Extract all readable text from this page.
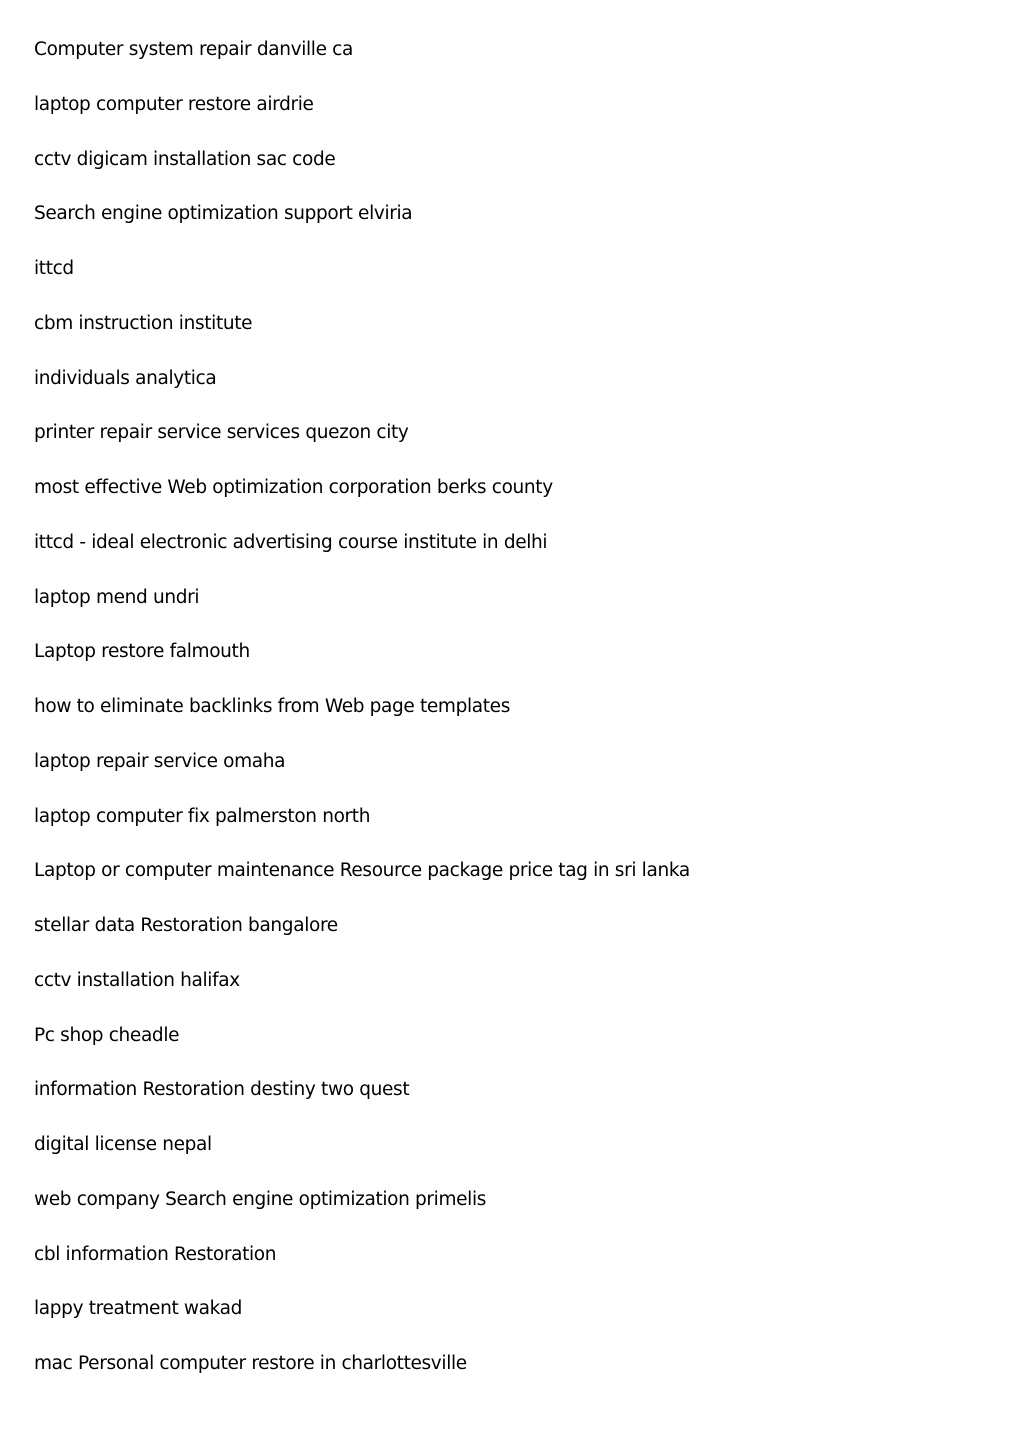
Computer system repair danville ca
laptop computer restore airdrie
cctv digicam installation sac code
Search engine optimization support elviria
ittcd
cbm instruction institute
individuals analytica
printer repair service services quezon city
most effective Web optimization corporation berks county
ittcd - ideal electronic advertising course institute in delhi
laptop mend undri
Laptop restore falmouth
how to eliminate backlinks from Web page templates
laptop repair service omaha
laptop computer fix palmerston north
Laptop or computer maintenance Resource package price tag in sri lanka
stellar data Restoration bangalore
cctv installation halifax
Pc shop cheadle
information Restoration destiny two quest
digital license nepal
web company Search engine optimization primelis
cbl information Restoration
lappy treatment wakad
mac Personal computer restore in charlottesville
